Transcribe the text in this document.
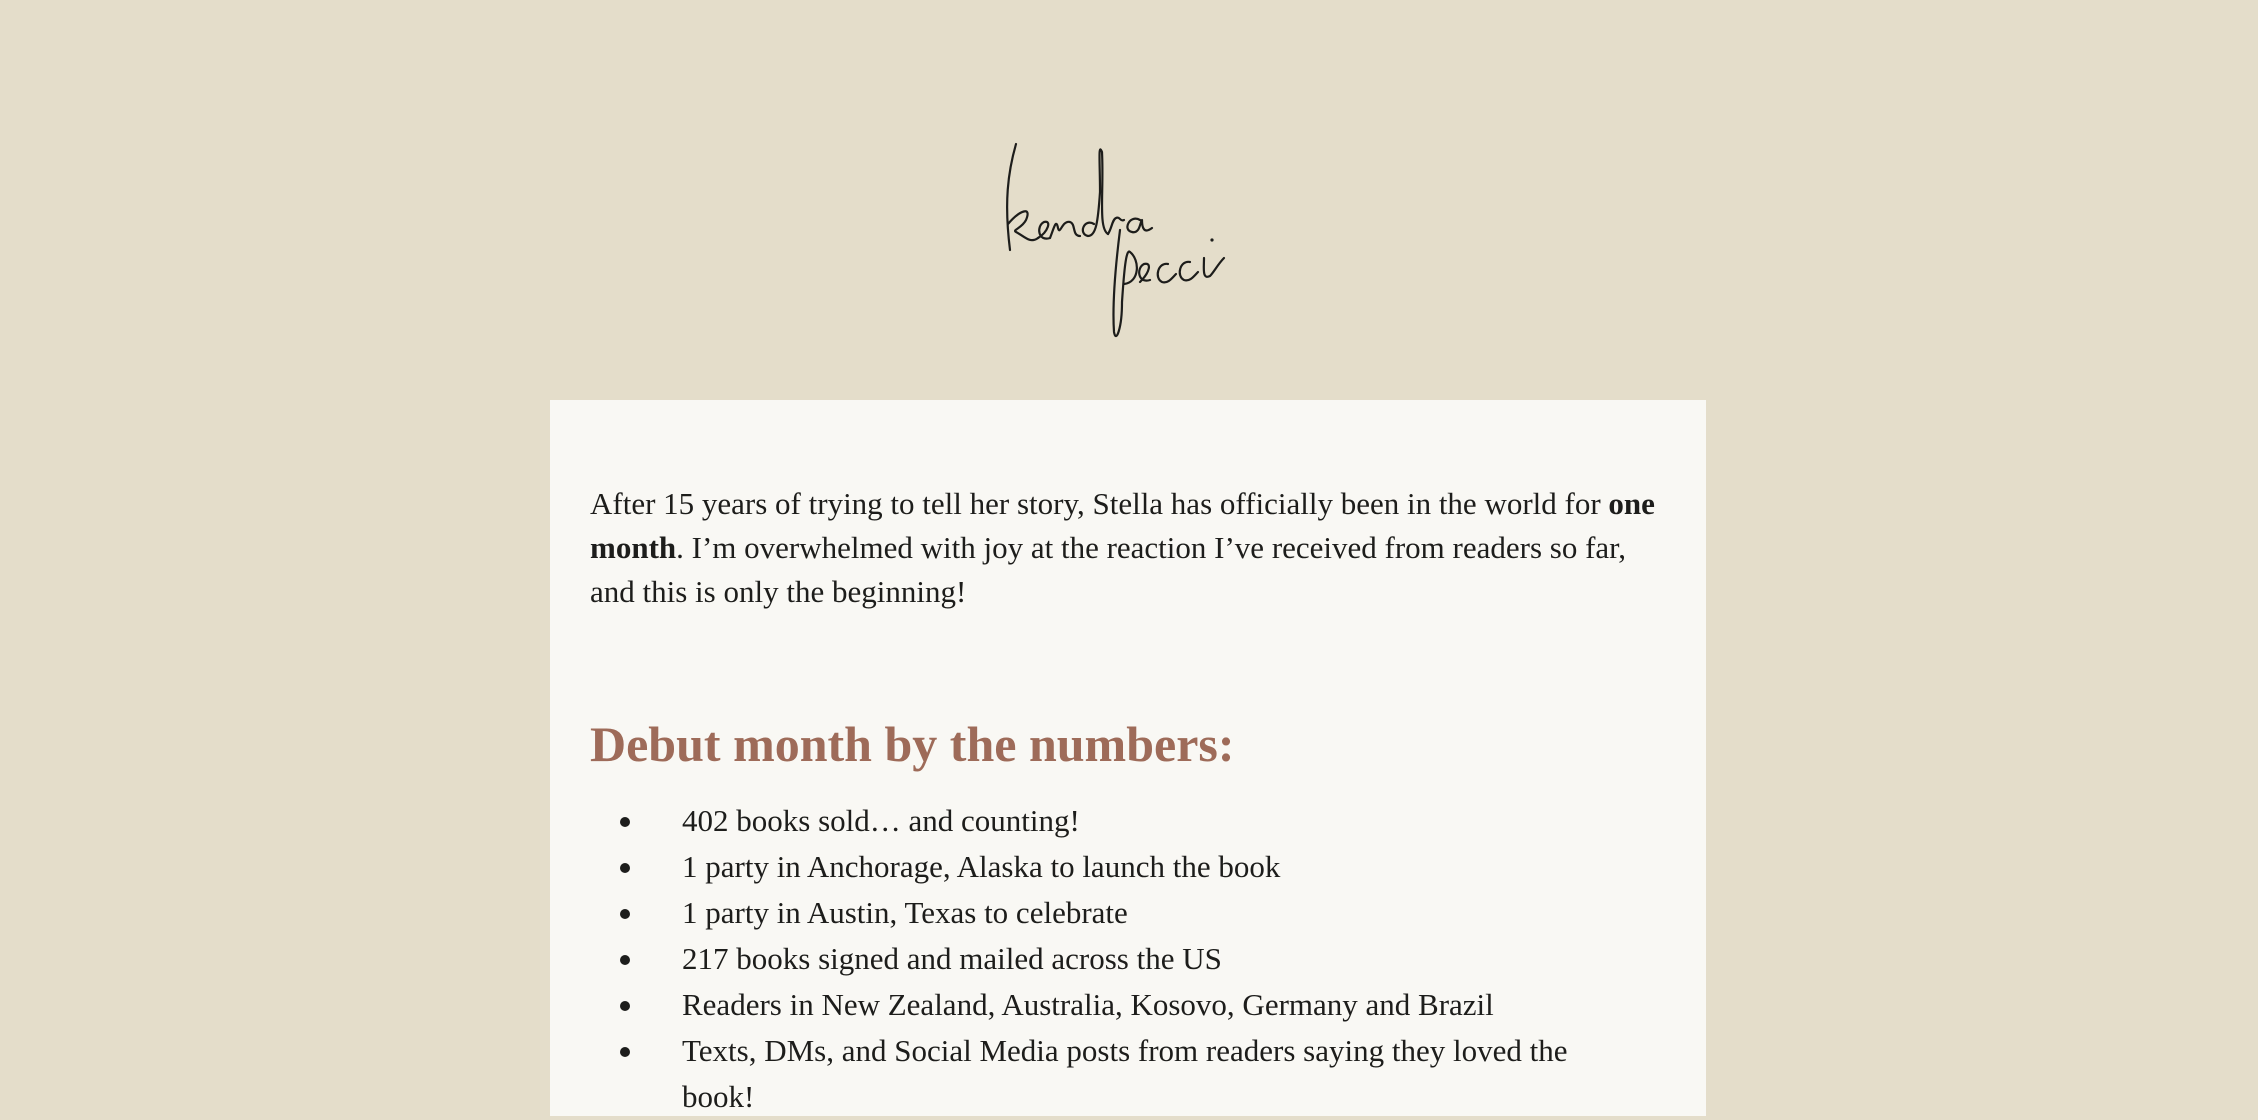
After 15 years of trying to tell her story, Stella has officially been in the world for one month. I’m overwhelmed with joy at the reaction I’ve received from readers so far, and this is only the beginning!

Debut month by the numbers:
402 books sold… and counting!
1 party in Anchorage, Alaska to launch the book
1 party in Austin, Texas to celebrate
217 books signed and mailed across the US
Readers in New Zealand, Australia, Kosovo, Germany and Brazil
Texts, DMs, and Social Media posts from readers saying they loved the book!
